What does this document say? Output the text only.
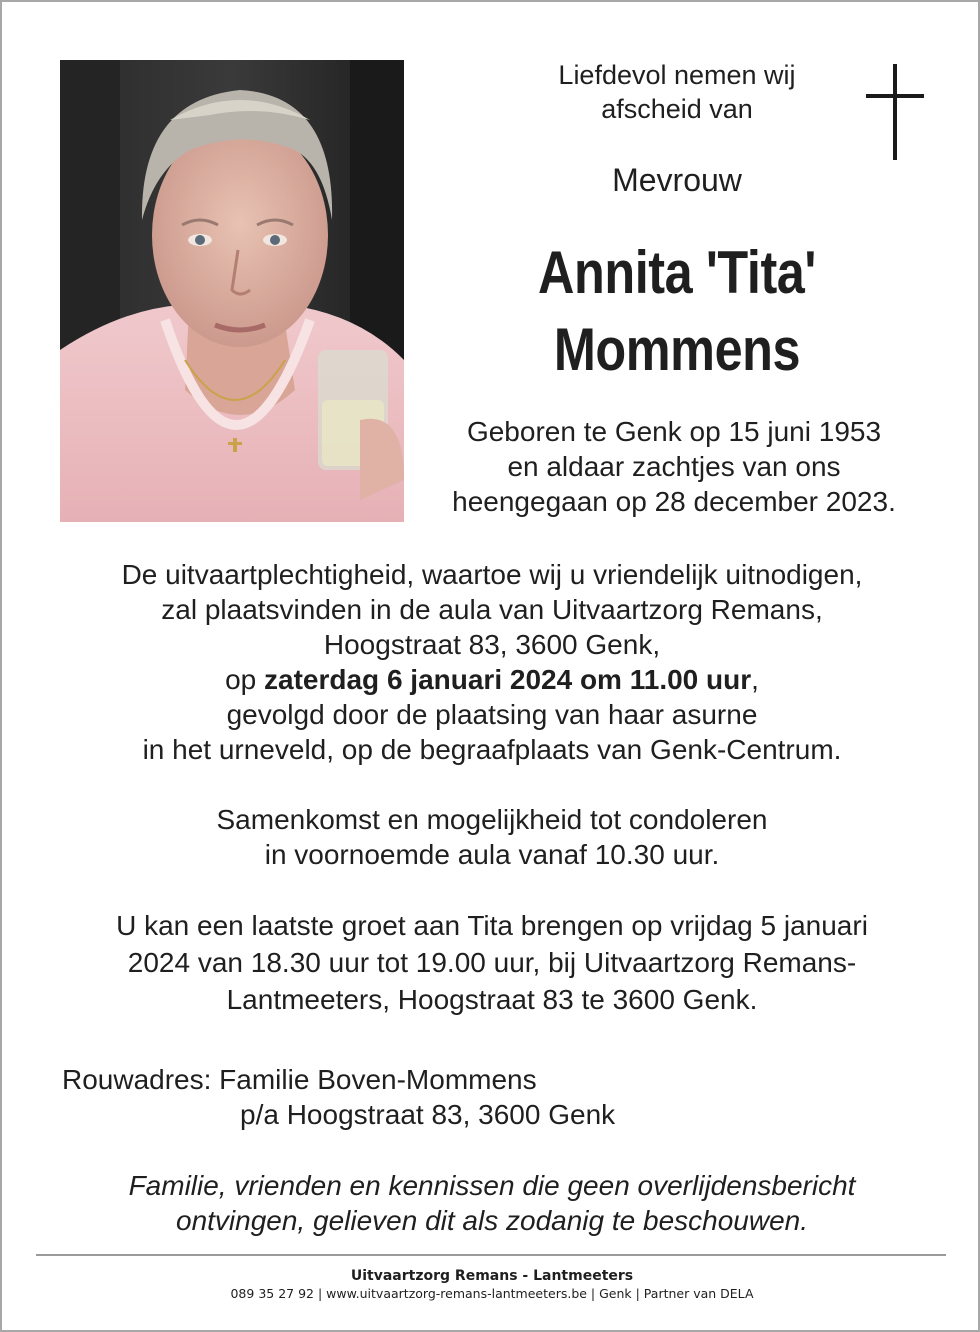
Liefdevol nemen wij
afscheid van
Mevrouw
Annita 'Tita'
Mommens
Geboren te Genk op 15 juni 1953
en aldaar zachtjes van ons
heengegaan op 28 december 2023.
De uitvaartplechtigheid, waartoe wij u vriendelijk uitnodigen,
zal plaatsvinden in de aula van Uitvaartzorg Remans,
Hoogstraat 83, 3600 Genk,
op zaterdag 6 januari 2024 om 11.00 uur,
gevolgd door de plaatsing van haar asurne
in het urneveld, op de begraafplaats van Genk-Centrum.
Samenkomst en mogelijkheid tot condoleren
in voornoemde aula vanaf 10.30 uur.
U kan een laatste groet aan Tita brengen op vrijdag 5 januari
2024 van 18.30 uur tot 19.00 uur, bij Uitvaartzorg Remans-
Lantmeeters, Hoogstraat 83 te 3600 Genk.
Rouwadres: Familie Boven-Mommens
p/a Hoogstraat 83, 3600 Genk
Familie, vrienden en kennissen die geen overlijdensbericht
ontvingen, gelieven dit als zodanig te beschouwen.
Uitvaartzorg Remans - Lantmeeters
089 35 27 92 | www.uitvaartzorg-remans-lantmeeters.be | Genk | Partner van DELA
